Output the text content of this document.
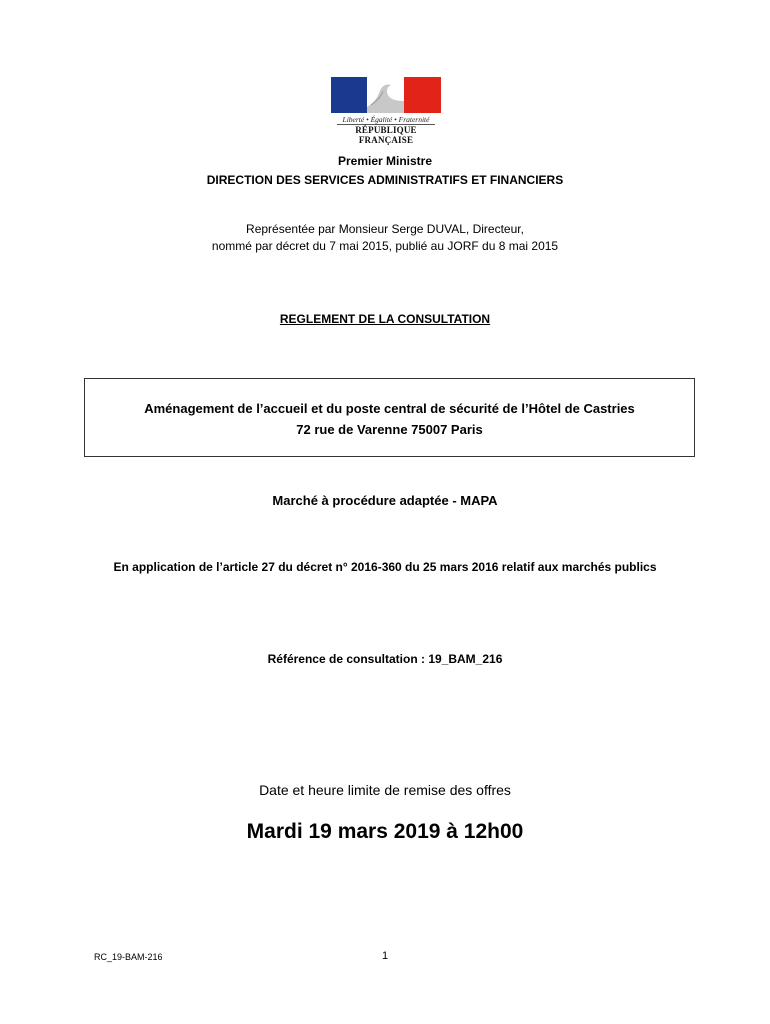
Liberté • Égalité • Fraternité
RÉPUBLIQUE FRANÇAISE
Premier Ministre
DIRECTION DES SERVICES ADMINISTRATIFS ET FINANCIERS
Représentée par Monsieur Serge DUVAL, Directeur,
nommé par décret du 7 mai 2015, publié au JORF du 8 mai 2015
REGLEMENT DE LA CONSULTATION
Aménagement de l’accueil et du poste central de sécurité de l’Hôtel de Castries
72 rue de Varenne 75007 Paris
Marché à procédure adaptée - MAPA
En application de l’article 27 du décret n° 2016-360 du 25 mars 2016 relatif aux marchés publics
Référence de consultation : 19_BAM_216
Date et heure limite de remise des offres
Mardi 19 mars 2019 à 12h00
RC_19-BAM-216	1
